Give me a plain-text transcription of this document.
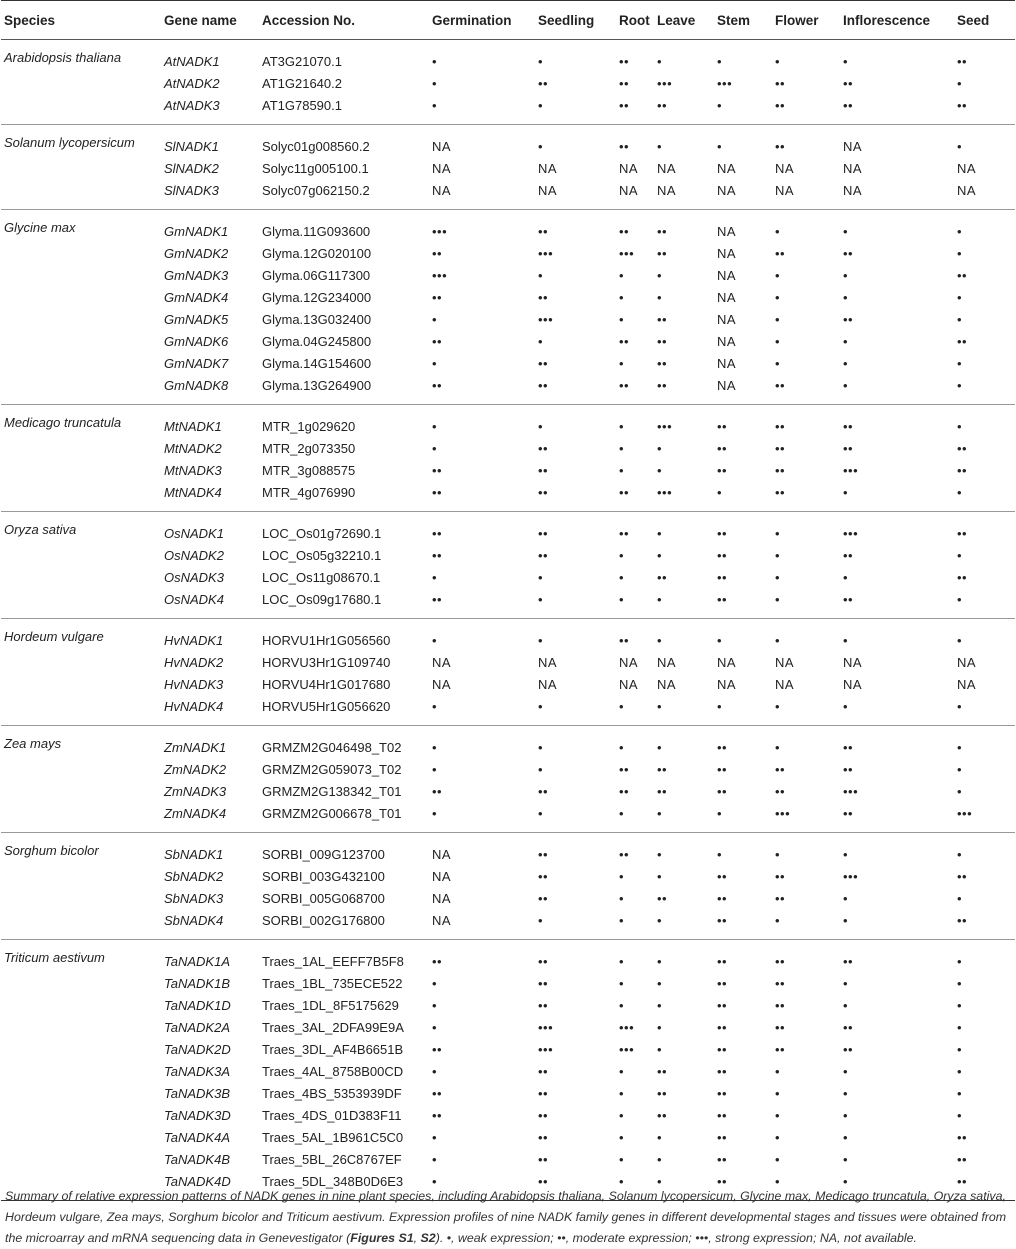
Species	Gene name	Accession No.	Germination	Seedling	Root	Leave	Stem	Flower	Inflorescence	Seed
Arabidopsis thaliana	AtNADK1	AT3G21070.1	•	•	••	•	•	•	•	••
	AtNADK2	AT1G21640.2	•	••	••	•••	•••	••	••	•
	AtNADK3	AT1G78590.1	•	•	••	••	•	••	••	••
Solanum lycopersicum	SlNADK1	Solyc01g008560.2	NA	•	••	•	•	••	NA	•
	SlNADK2	Solyc11g005100.1	NA	NA	NA	NA	NA	NA	NA	NA
	SlNADK3	Solyc07g062150.2	NA	NA	NA	NA	NA	NA	NA	NA
Glycine max	GmNADK1	Glyma.11G093600	•••	••	••	••	NA	•	•	•
	GmNADK2	Glyma.12G020100	••	•••	•••	••	NA	••	••	•
	GmNADK3	Glyma.06G117300	•••	•	•	•	NA	•	•	••
	GmNADK4	Glyma.12G234000	••	••	•	•	NA	•	•	•
	GmNADK5	Glyma.13G032400	•	•••	•	••	NA	•	••	•
	GmNADK6	Glyma.04G245800	••	•	••	••	NA	•	•	••
	GmNADK7	Glyma.14G154600	•	••	•	••	NA	•	•	•
	GmNADK8	Glyma.13G264900	••	••	••	••	NA	••	•	•
Medicago truncatula	MtNADK1	MTR_1g029620	•	•	•	•••	••	••	••	•
	MtNADK2	MTR_2g073350	•	••	•	•	••	••	••	••
	MtNADK3	MTR_3g088575	••	••	•	•	••	••	•••	••
	MtNADK4	MTR_4g076990	••	••	••	•••	•	••	•	•
Oryza sativa	OsNADK1	LOC_Os01g72690.1	••	••	••	•	••	•	•••	••
	OsNADK2	LOC_Os05g32210.1	••	••	•	•	••	•	••	•
	OsNADK3	LOC_Os11g08670.1	•	•	•	••	••	•	•	••
	OsNADK4	LOC_Os09g17680.1	••	•	•	•	••	•	••	•
Hordeum vulgare	HvNADK1	HORVU1Hr1G056560	•	•	••	•	•	•	•	•
	HvNADK2	HORVU3Hr1G109740	NA	NA	NA	NA	NA	NA	NA	NA
	HvNADK3	HORVU4Hr1G017680	NA	NA	NA	NA	NA	NA	NA	NA
	HvNADK4	HORVU5Hr1G056620	•	•	•	•	•	•	•	•
Zea mays	ZmNADK1	GRMZM2G046498_T02	•	•	•	•	••	•	••	•
	ZmNADK2	GRMZM2G059073_T02	•	•	••	••	••	••	••	•
	ZmNADK3	GRMZM2G138342_T01	••	••	••	••	••	••	•••	•
	ZmNADK4	GRMZM2G006678_T01	•	•	•	•	•	•••	••	•••
Sorghum bicolor	SbNADK1	SORBI_009G123700	NA	••	••	•	•	•	•	•
	SbNADK2	SORBI_003G432100	NA	••	•	•	••	••	•••	••
	SbNADK3	SORBI_005G068700	NA	••	•	••	••	••	•	•
	SbNADK4	SORBI_002G176800	NA	•	•	•	••	•	•	••
Triticum aestivum	TaNADK1A	Traes_1AL_EEFF7B5F8	••	••	•	•	••	••	••	•
	TaNADK1B	Traes_1BL_735ECE522	•	••	•	•	••	••	•	•
	TaNADK1D	Traes_1DL_8F5175629	•	••	•	•	••	••	•	•
	TaNADK2A	Traes_3AL_2DFA99E9A	•	•••	•••	•	••	••	••	•
	TaNADK2D	Traes_3DL_AF4B6651B	••	•••	•••	•	••	••	••	•
	TaNADK3A	Traes_4AL_8758B00CD	•	••	•	••	••	•	•	•
	TaNADK3B	Traes_4BS_5353939DF	••	••	•	••	••	•	•	•
	TaNADK3D	Traes_4DS_01D383F11	••	••	•	••	••	•	•	•
	TaNADK4A	Traes_5AL_1B961C5C0	•	••	•	•	••	•	•	••
	TaNADK4B	Traes_5BL_26C8767EF	•	••	•	•	••	•	•	••
	TaNADK4D	Traes_5DL_348B0D6E3	•	••	•	•	••	•	•	••
Summary of relative expression patterns of NADK genes in nine plant species, including Arabidopsis thaliana, Solanum lycopersicum, Glycine max, Medicago truncatula, Oryza sativa, Hordeum vulgare, Zea mays, Sorghum bicolor and Triticum aestivum. Expression profiles of nine NADK family genes in different developmental stages and tissues were obtained from the microarray and mRNA sequencing data in Genevestigator (Figures S1, S2). •, weak expression; ••, moderate expression; •••, strong expression; NA, not available.
